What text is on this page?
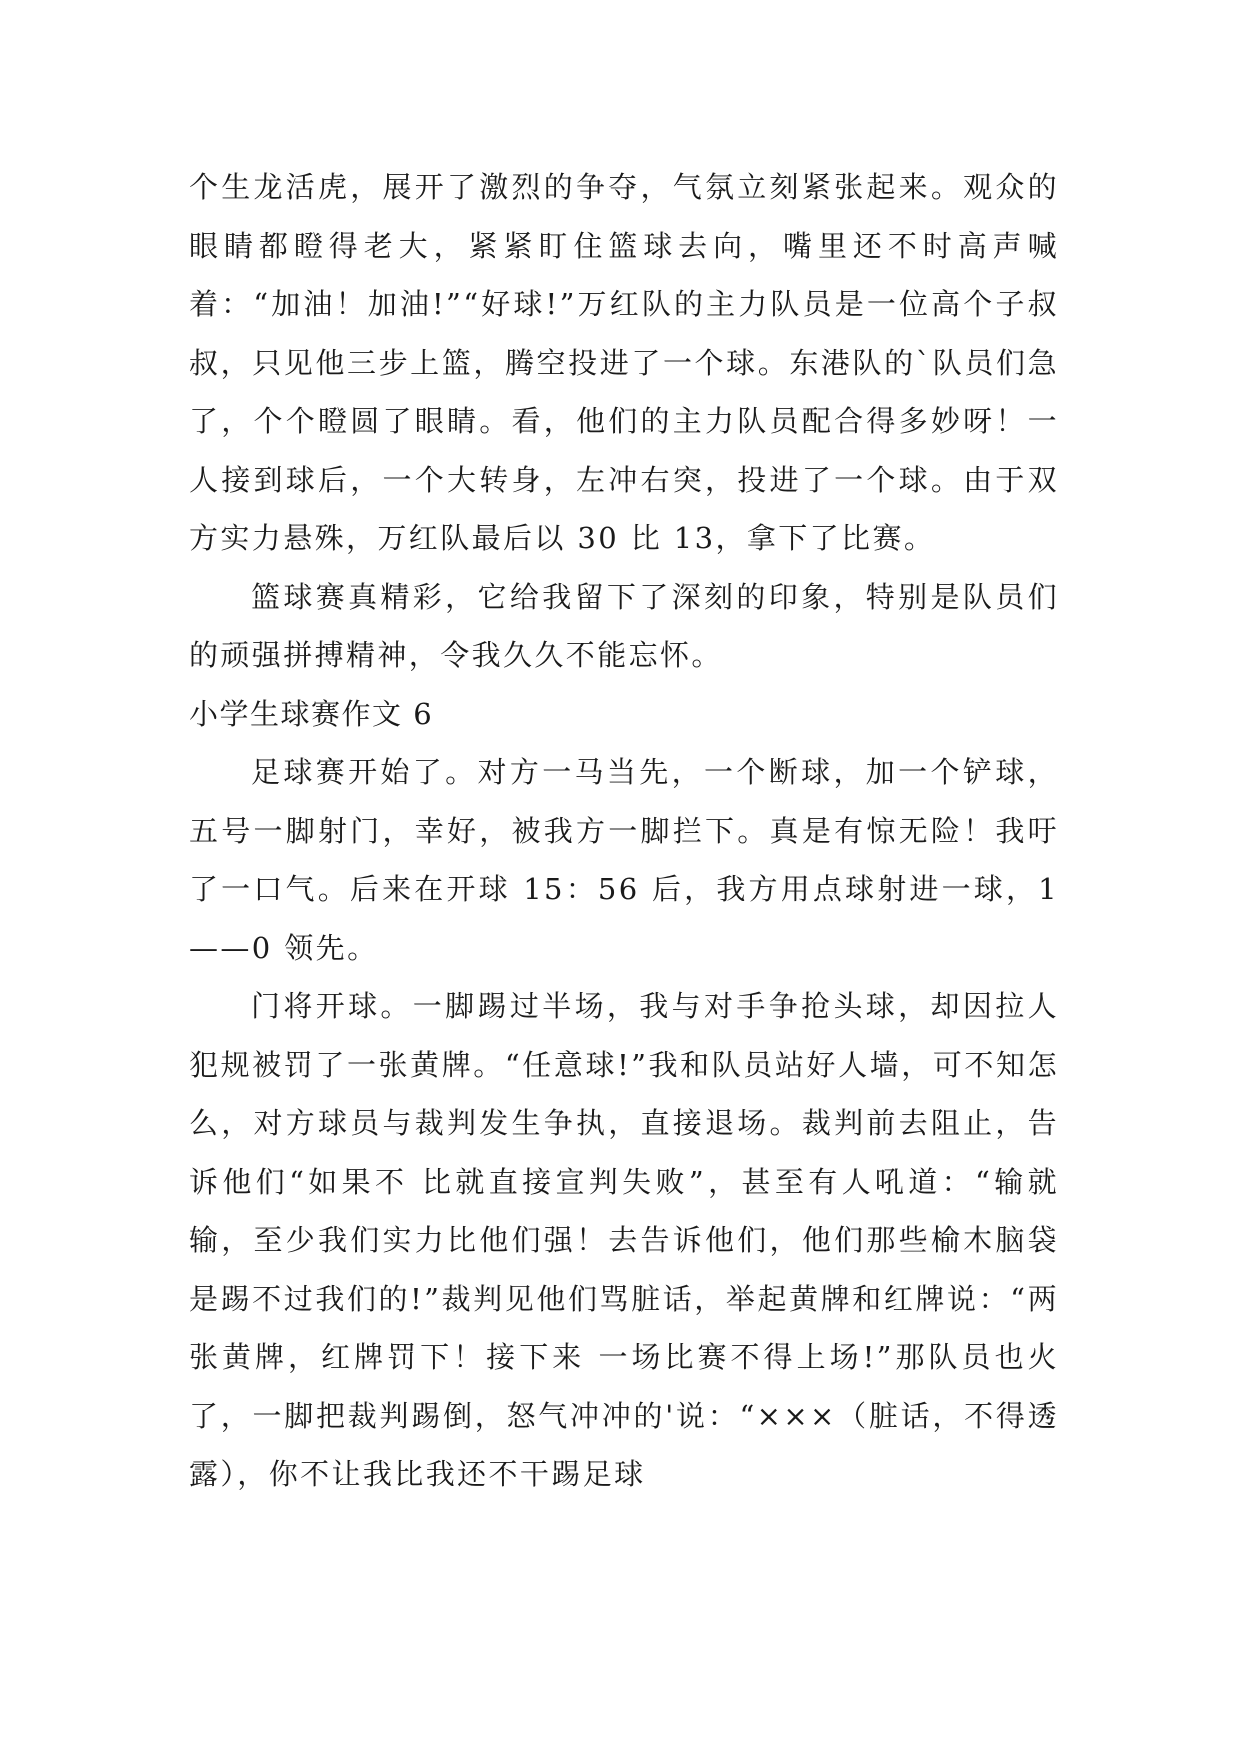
个生龙活虎，展开了激烈的争夺，气氛立刻紧张起来。观众的眼睛都瞪得老大，紧紧盯住篮球去向，嘴里还不时高声喊着：“加油！加油!”“好球!”万红队的主力队员是一位高个子叔叔，只见他三步上篮，腾空投进了一个球。东港队的`队员们急了，个个瞪圆了眼睛。看，他们的主力队员配合得多妙呀！一人接到球后，一个大转身，左冲右突，投进了一个球。由于双方实力悬殊，万红队最后以 30 比 13，拿下了比赛。

篮球赛真精彩，它给我留下了深刻的印象，特别是队员们的顽强拼搏精神，令我久久不能忘怀。

小学生球赛作文 6

足球赛开始了。对方一马当先，一个断球，加一个铲球，五号一脚射门，幸好，被我方一脚拦下。真是有惊无险！我吁了一口气。后来在开球 15：56 后，我方用点球射进一球，1——0 领先。

门将开球。一脚踢过半场，我与对手争抢头球，却因拉人犯规被罚了一张黄牌。“任意球!”我和队员站好人墙，可不知怎么，对方球员与裁判发生争执，直接退场。裁判前去阻止，告诉他们“如果不 比就直接宣判失败”，甚至有人吼道：“输就输，至少我们实力比他们强！去告诉他们，他们那些榆木脑袋是踢不过我们的!”裁判见他们骂脏话，举起黄牌和红牌说：“两张黄牌，红牌罚下！接下来 一场比赛不得上场!”那队员也火了，一脚把裁判踢倒，怒气冲冲的'说：“×××（脏话，不得透露），你不让我比我还不干踢足球
